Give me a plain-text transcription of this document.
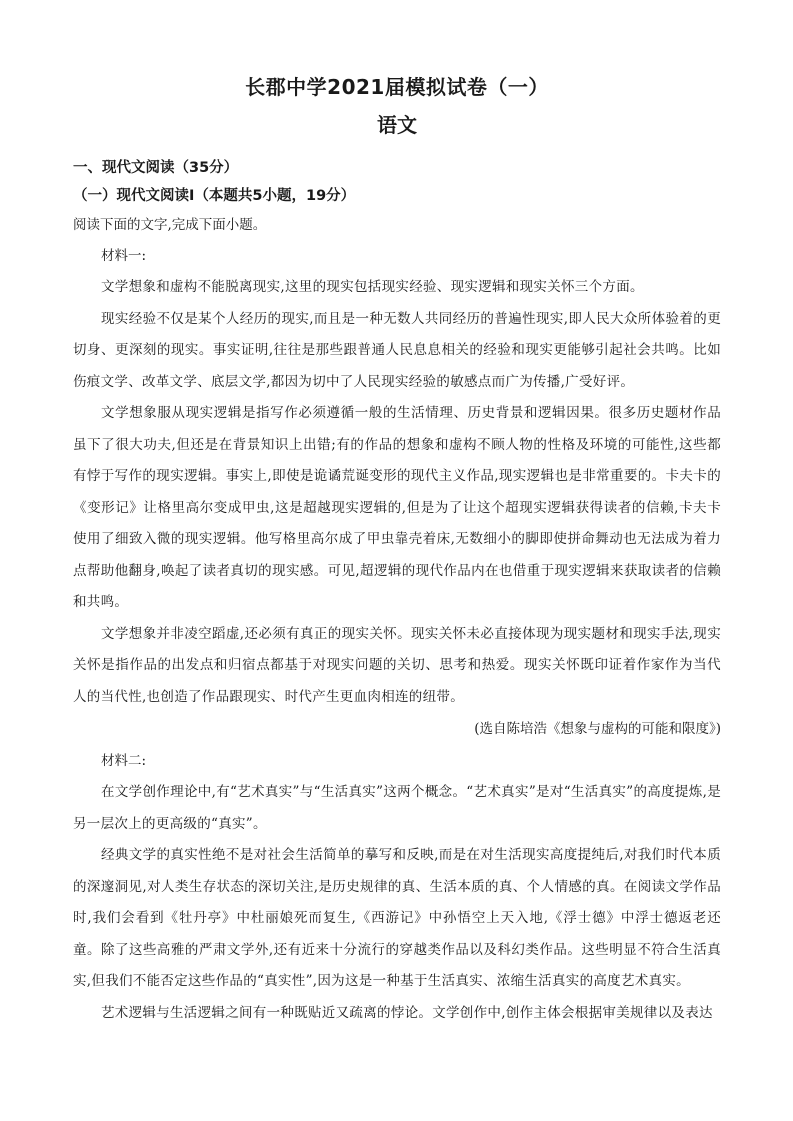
长郡中学2021届模拟试卷（一）
语文
一、现代文阅读（35分）
（一）现代文阅读Ⅰ（本题共5小题，19分）
阅读下面的文字,完成下面小题。
材料一:

文学想象和虚构不能脱离现实,这里的现实包括现实经验、现实逻辑和现实关怀三个方面。

现实经验不仅是某个人经历的现实,而且是一种无数人共同经历的普遍性现实,即人民大众所体验着的更切身、更深刻的现实。事实证明,往往是那些跟普通人民息息相关的经验和现实更能够引起社会共鸣。比如伤痕文学、改革文学、底层文学,都因为切中了人民现实经验的敏感点而广为传播,广受好评。

文学想象服从现实逻辑是指写作必须遵循一般的生活情理、历史背景和逻辑因果。很多历史题材作品虽下了很大功夫,但还是在背景知识上出错;有的作品的想象和虚构不顾人物的性格及环境的可能性,这些都有悖于写作的现实逻辑。事实上,即使是诡谲荒诞变形的现代主义作品,现实逻辑也是非常重要的。卡夫卡的《变形记》让格里高尔变成甲虫,这是超越现实逻辑的,但是为了让这个超现实逻辑获得读者的信赖,卡夫卡使用了细致入微的现实逻辑。他写格里高尔成了甲虫靠壳着床,无数细小的脚即使拼命舞动也无法成为着力点帮助他翻身,唤起了读者真切的现实感。可见,超逻辑的现代作品内在也借重于现实逻辑来获取读者的信赖和共鸣。

文学想象并非凌空蹈虚,还必须有真正的现实关怀。现实关怀未必直接体现为现实题材和现实手法,现实关怀是指作品的出发点和归宿点都基于对现实问题的关切、思考和热爱。现实关怀既印证着作家作为当代人的当代性,也创造了作品跟现实、时代产生更血肉相连的纽带。

(选自陈培浩《想象与虚构的可能和限度》)
材料二:

在文学创作理论中,有“艺术真实”与“生活真实”这两个概念。“艺术真实”是对“生活真实”的高度提炼,是另一层次上的更高级的“真实”。

经典文学的真实性绝不是对社会生活简单的摹写和反映,而是在对生活现实高度提纯后,对我们时代本质的深邃洞见,对人类生存状态的深切关注,是历史规律的真、生活本质的真、个人情感的真。在阅读文学作品时,我们会看到《牡丹亭》中杜丽娘死而复生,《西游记》中孙悟空上天入地,《浮士德》中浮士德返老还童。除了这些高雅的严肃文学外,还有近来十分流行的穿越类作品以及科幻类作品。这些明显不符合生活真实,但我们不能否定这些作品的“真实性”,因为这是一种基于生活真实、浓缩生活真实的高度艺术真实。

艺术逻辑与生活逻辑之间有一种既贴近又疏离的悖论。文学创作中,创作主体会根据审美规律以及表达
